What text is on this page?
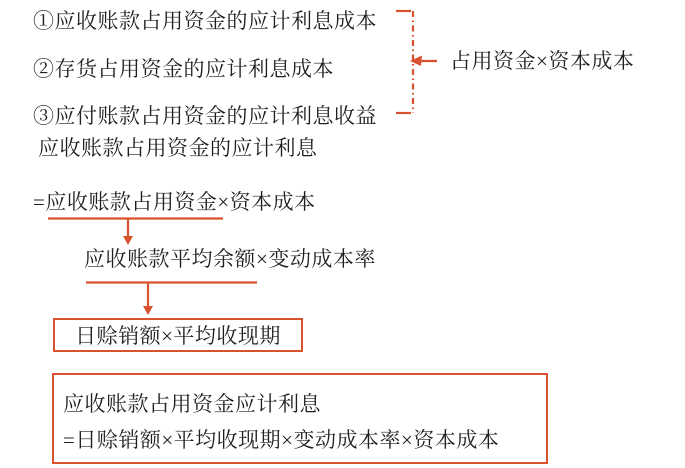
①应收账款占用资金的应计利息成本
②存货占用资金的应计利息成本
③应付账款占用资金的应计利息收益
占用资金×资本成本
应收账款占用资金的应计利息
=应收账款占用资金×资本成本
应收账款平均余额×变动成本率
日赊销额×平均收现期
应收账款占用资金应计利息
=日赊销额×平均收现期×变动成本率×资本成本
